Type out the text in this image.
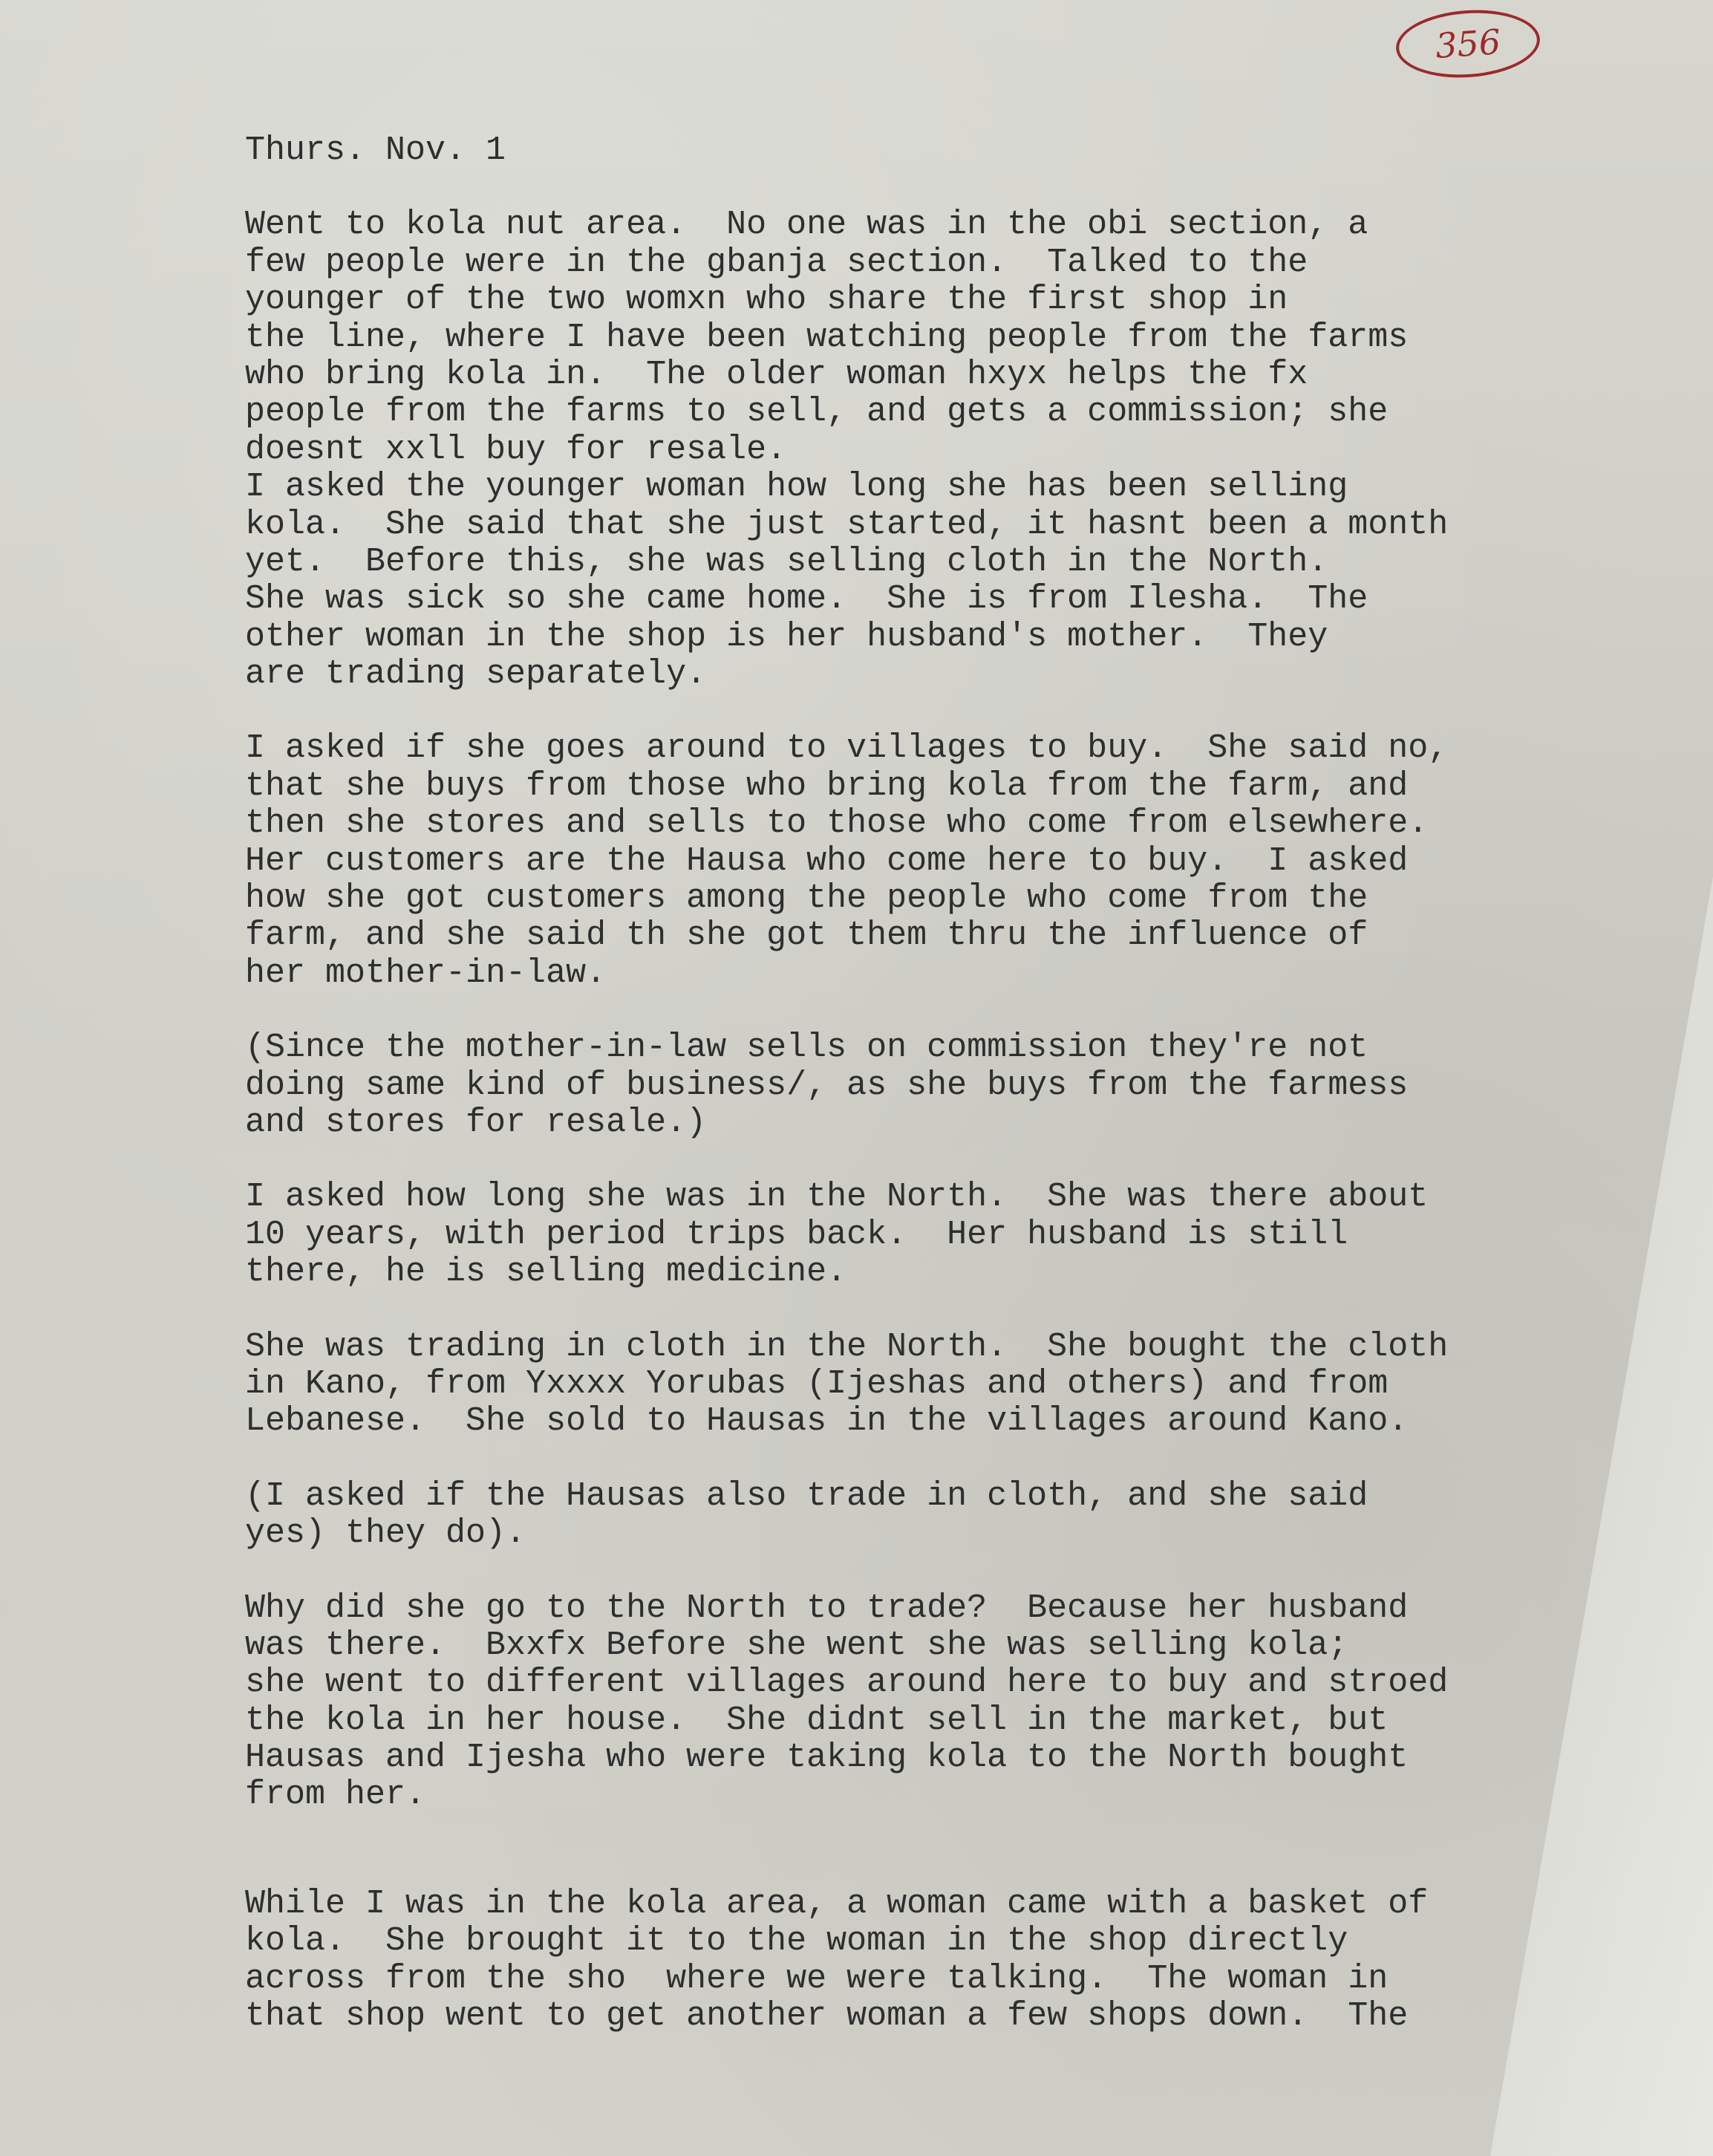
356
Thurs. Nov. 1
Went to kola nut area.  No one was in the obi section, a
few people were in the gbanja section.  Talked to the
younger of the two womxn who share the first shop in
the line, where I have been watching people from the farms
who bring kola in.  The older woman hxyx helps the fx
people from the farms to sell, and gets a commission; she
doesnt xxll buy for resale.
I asked the younger woman how long she has been selling
kola.  She said that she just started, it hasnt been a month
yet.  Before this, she was selling cloth in the North.
She was sick so she came home.  She is from Ilesha.  The
other woman in the shop is her husband's mother.  They
are trading separately.
I asked if she goes around to villages to buy.  She said no,
that she buys from those who bring kola from the farm, and
then she stores and sells to those who come from elsewhere.
Her customers are the Hausa who come here to buy.  I asked
how she got customers among the people who come from the
farm, and she said th she got them thru the influence of
her mother-in-law.
(Since the mother-in-law sells on commission they're not
doing same kind of business/, as she buys from the farmess
and stores for resale.)
I asked how long she was in the North.  She was there about
10 years, with period trips back.  Her husband is still
there, he is selling medicine.
She was trading in cloth in the North.  She bought the cloth
in Kano, from Yxxxx Yorubas (Ijeshas and others) and from
Lebanese.  She sold to Hausas in the villages around Kano.
(I asked if the Hausas also trade in cloth, and she said
yes) they do).
Why did she go to the North to trade?  Because her husband
was there.  Bxxfx Before she went she was selling kola;
she went to different villages around here to buy and stroed
the kola in her house.  She didnt sell in the market, but
Hausas and Ijesha who were taking kola to the North bought
from her.
While I was in the kola area, a woman came with a basket of
kola.  She brought it to the woman in the shop directly
across from the sho  where we were talking.  The woman in
that shop went to get another woman a few shops down.  The
